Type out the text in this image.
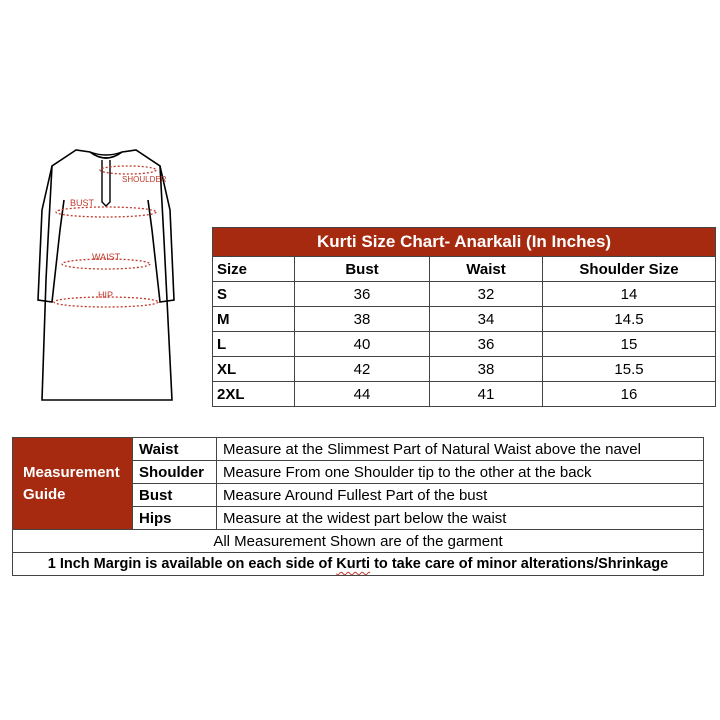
SHOULDER
BUST
WAIST
HIP
Kurti Size Chart- Anarkali (In Inches)			
Size	Bust	Waist	Shoulder Size
S	36	32	14
M	38	34	14.5
L	40	36	15
XL	42	38	15.5
2XL	44	41	16
Measurement
Guide	Waist	Measure at the Slimmest Part of Natural Waist above the navel
	Shoulder	Measure From one Shoulder tip to the other at the back
	Bust	Measure Around Fullest Part of the bust
	Hips	Measure at the widest part below the waist
All Measurement Shown are of the garment		
1 Inch Margin is available on each side of Kurti to take care of minor alterations/Shrinkage		
